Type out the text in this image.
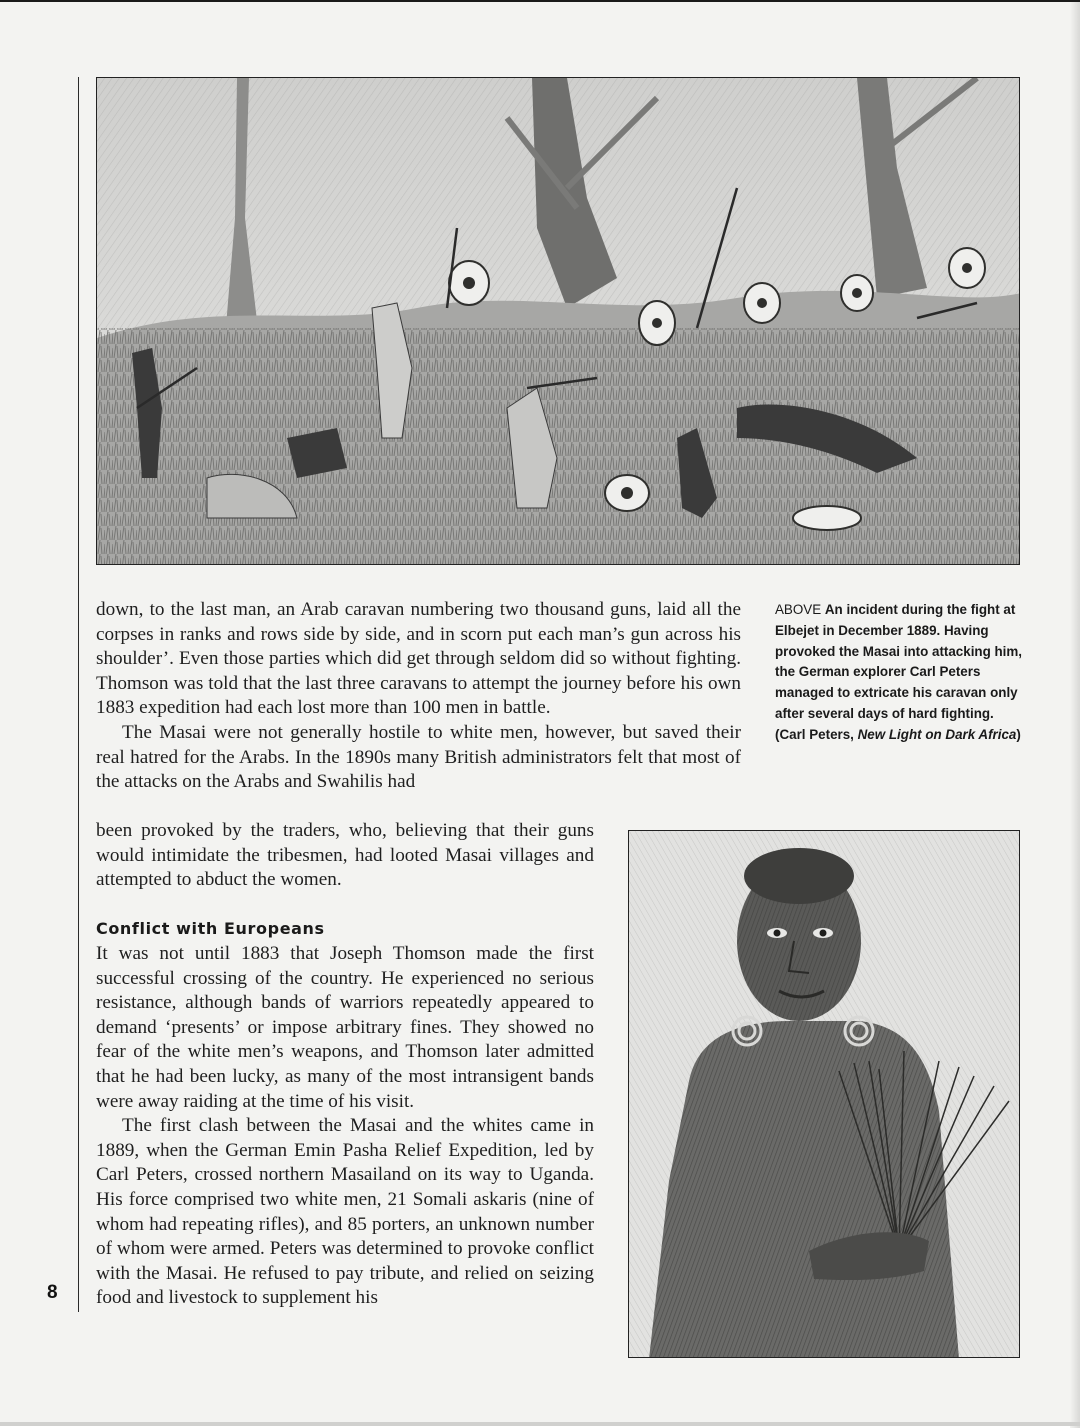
down, to the last man, an Arab caravan numbering two thousand guns, laid all the corpses in ranks and rows side by side, and in scorn put each man’s gun across his shoulder’. Even those parties which did get through seldom did so without fighting. Thomson was told that the last three caravans to attempt the journey before his own 1883 expedition had each lost more than 100 men in battle.

The Masai were not generally hostile to white men, however, but saved their real hatred for the Arabs. In the 1890s many British administrators felt that most of the attacks on the Arabs and Swahilis had

ABOVE An incident during the fight at Elbejet in December 1889. Having provoked the Masai into attacking him, the German explorer Carl Peters managed to extricate his caravan only after several days of hard fighting. (Carl Peters, New Light on Dark Africa)

been provoked by the traders, who, believing that their guns would intimidate the tribesmen, had looted Masai villages and attempted to abduct the women.

Conflict with Europeans

It was not until 1883 that Joseph Thomson made the first successful crossing of the country. He experienced no serious resistance, although bands of warriors repeatedly appeared to demand ‘presents’ or impose arbitrary fines. They showed no fear of the white men’s weapons, and Thomson later admitted that he had been lucky, as many of the most intransigent bands were away raiding at the time of his visit.

The first clash between the Masai and the whites came in 1889, when the German Emin Pasha Relief Expedition, led by Carl Peters, crossed northern Masailand on its way to Uganda. His force comprised two white men, 21 Somali askaris (nine of whom had repeating rifles), and 85 porters, an unknown number of whom were armed. Peters was determined to provoke conflict with the Masai. He refused to pay tribute, and relied on seizing food and livestock to supplement his

8
